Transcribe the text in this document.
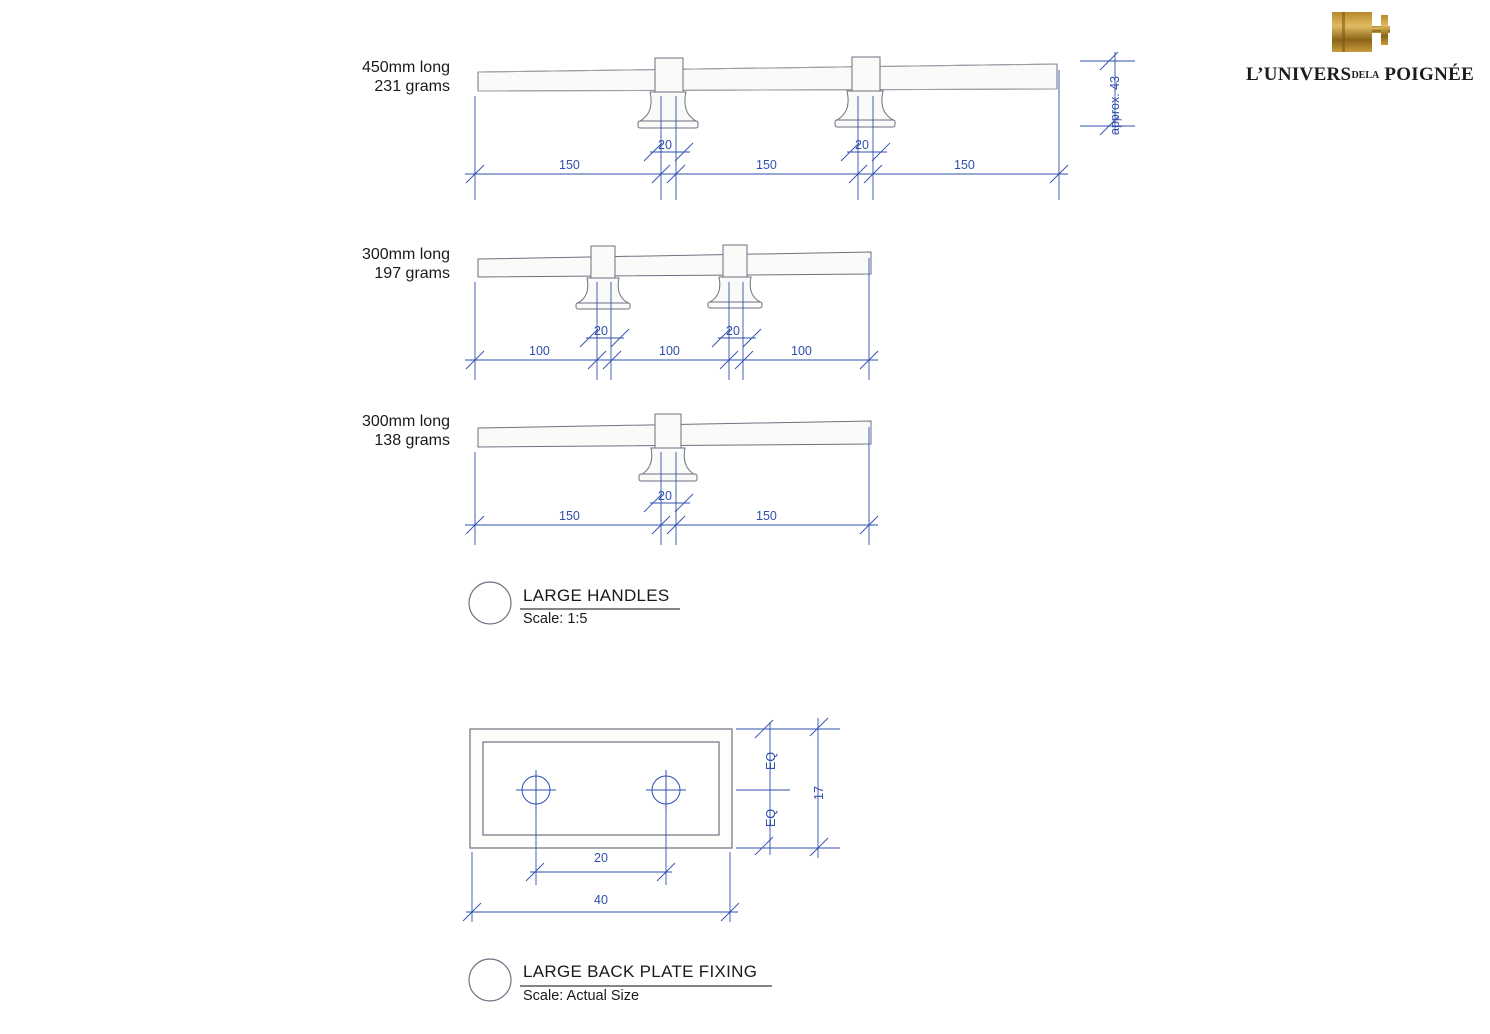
L’UNIVERSDELA POIGNÉE
450mm long
231 grams
150
20
150
20
150
approx. 43
300mm long
197 grams
100
20
100
20
100
300mm long
138 grams
150
20
150
LARGE HANDLES
Scale: 1:5
EQ
EQ
17
20
40
LARGE BACK PLATE FIXING
Scale: Actual Size
